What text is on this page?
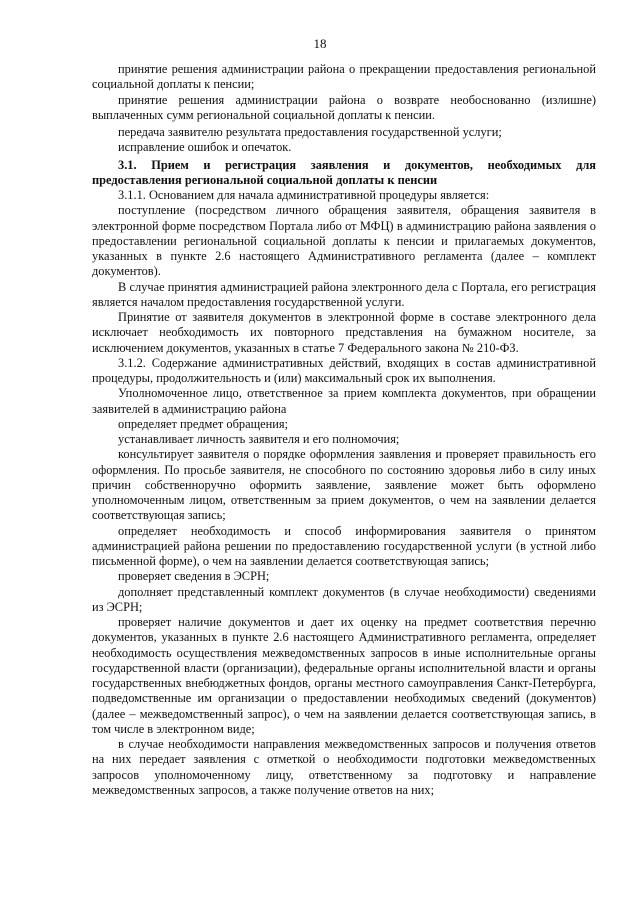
18

принятие решения администрации района о прекращении предоставления региональной социальной доплаты к пенсии;

принятие решения администрации района о возврате необоснованно (излишне) выплаченных сумм региональной социальной доплаты к пенсии.

передача заявителю результата предоставления государственной услуги;

исправление ошибок и опечаток.

3.1. Прием и регистрация заявления и документов, необходимых для предоставления региональной социальной доплаты к пенсии

3.1.1. Основанием для начала административной процедуры является:

поступление (посредством личного обращения заявителя, обращения заявителя в электронной форме посредством Портала либо от МФЦ) в администрацию района заявления о предоставлении региональной социальной доплаты к пенсии и прилагаемых документов, указанных в пункте 2.6 настоящего Административного регламента (далее – комплект документов).

В случае принятия администрацией района электронного дела с Портала, его регистрация является началом предоставления государственной услуги.

Принятие от заявителя документов в электронной форме в составе электронного дела исключает необходимость их повторного представления на бумажном носителе, за исключением документов, указанных в статье 7 Федерального закона № 210-ФЗ.

3.1.2. Содержание административных действий, входящих в состав административной процедуры, продолжительность и (или) максимальный срок их выполнения.

Уполномоченное лицо, ответственное за прием комплекта документов, при обращении заявителей в администрацию района

определяет предмет обращения;

устанавливает личность заявителя и его полномочия;

консультирует заявителя о порядке оформления заявления и проверяет правильность его оформления. По просьбе заявителя, не способного по состоянию здоровья либо в силу иных причин собственноручно оформить заявление, заявление может быть оформлено уполномоченным лицом, ответственным за прием документов, о чем на заявлении делается соответствующая запись;

определяет необходимость и способ информирования заявителя о принятом администрацией района решении по предоставлению государственной услуги (в устной либо письменной форме), о чем на заявлении делается соответствующая запись;

проверяет сведения в ЭСРН;

дополняет представленный комплект документов (в случае необходимости) сведениями из ЭСРН;

проверяет наличие документов и дает их оценку на предмет соответствия перечню документов, указанных в пункте 2.6 настоящего Административного регламента, определяет необходимость осуществления межведомственных запросов в иные исполнительные органы государственной власти (организации), федеральные органы исполнительной власти и органы государственных внебюджетных фондов, органы местного самоуправления Санкт-Петербурга, подведомственные им организации о предоставлении необходимых сведений (документов) (далее – межведомственный запрос), о чем на заявлении делается соответствующая запись, в том числе в электронном виде;

в случае необходимости направления межведомственных запросов и получения ответов на них передает заявления с отметкой о необходимости подготовки межведомственных запросов уполномоченному лицу, ответственному за подготовку и направление межведомственных запросов, а также получение ответов на них;
